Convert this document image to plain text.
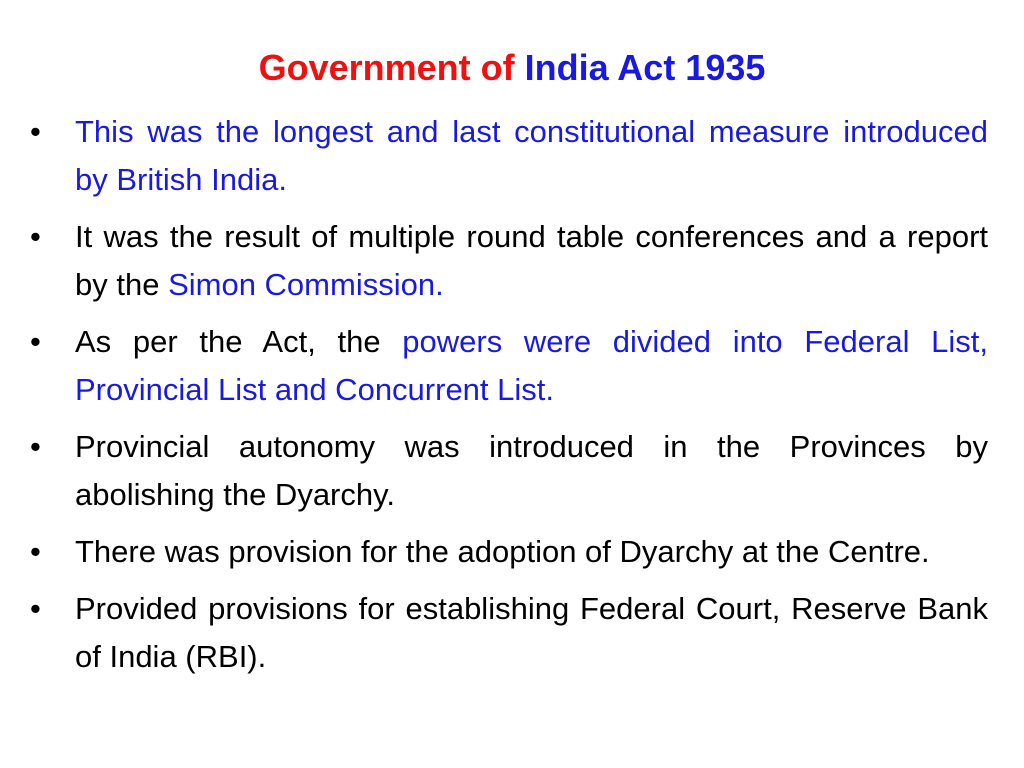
Government of India Act 1935
•	This was the longest and last constitutional measure introduced by British India.
•	It was the result of multiple round table conferences and a report by the Simon Commission.
•	As per the Act, the powers were divided into Federal List, Provincial List and Concurrent List.
•	Provincial autonomy was introduced in the Provinces by abolishing the Dyarchy.
•	There was provision for the adoption of Dyarchy at the Centre.
•	Provided provisions for establishing Federal Court, Reserve Bank of India (RBI).
